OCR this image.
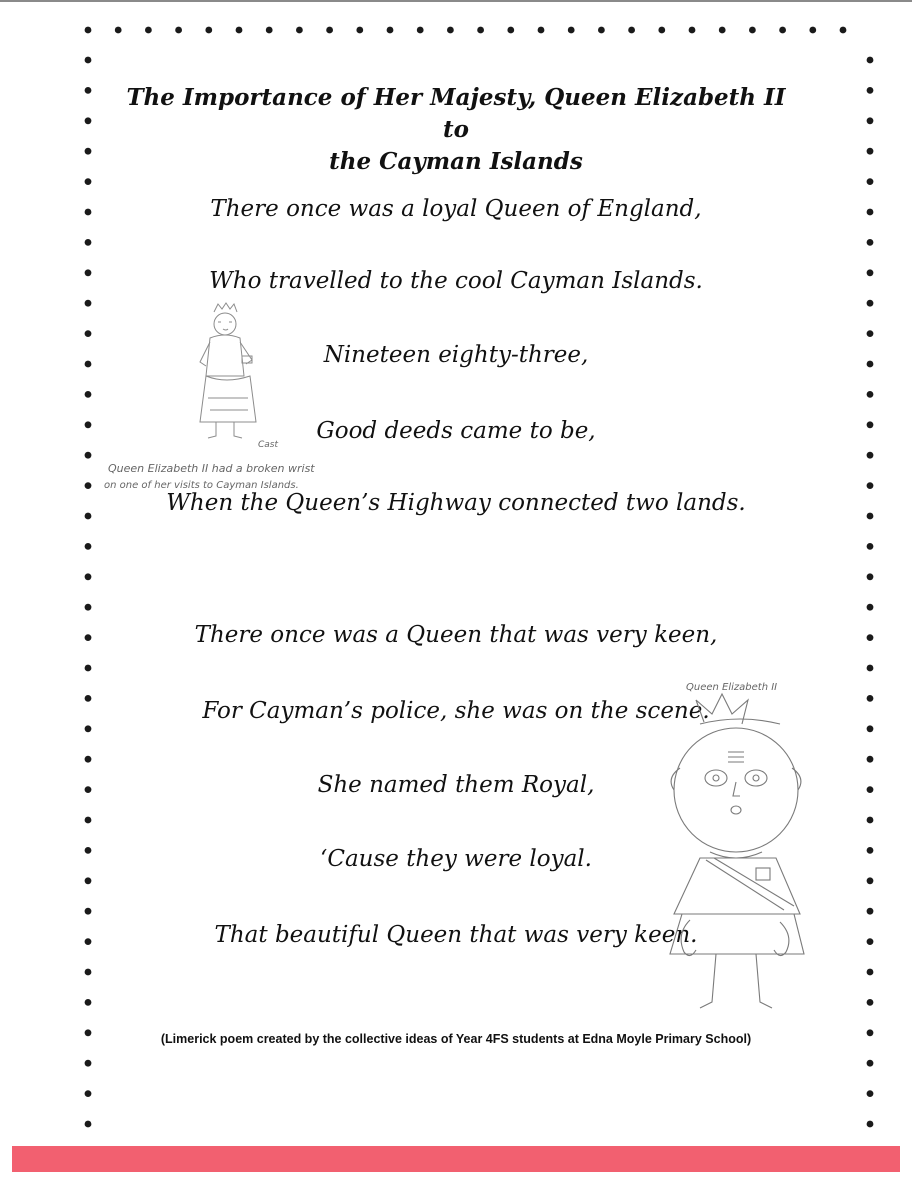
The Importance of Her Majesty, Queen Elizabeth II to
the Cayman Islands
There once was a loyal Queen of England,
Who travelled to the cool Cayman Islands.
Nineteen eighty-three,
Good deeds came to be,
When the Queen’s Highway connected two lands.
There once was a Queen that was very keen,
For Cayman’s police, she was on the scene.
She named them Royal,
‘Cause they were loyal.
That beautiful Queen that was very keen.
Cast
Queen Elizabeth II had a broken wrist
on one of her visits to Cayman Islands.
Queen Elizabeth II
(Limerick poem created by the collective ideas of Year 4FS students at Edna Moyle Primary School)
